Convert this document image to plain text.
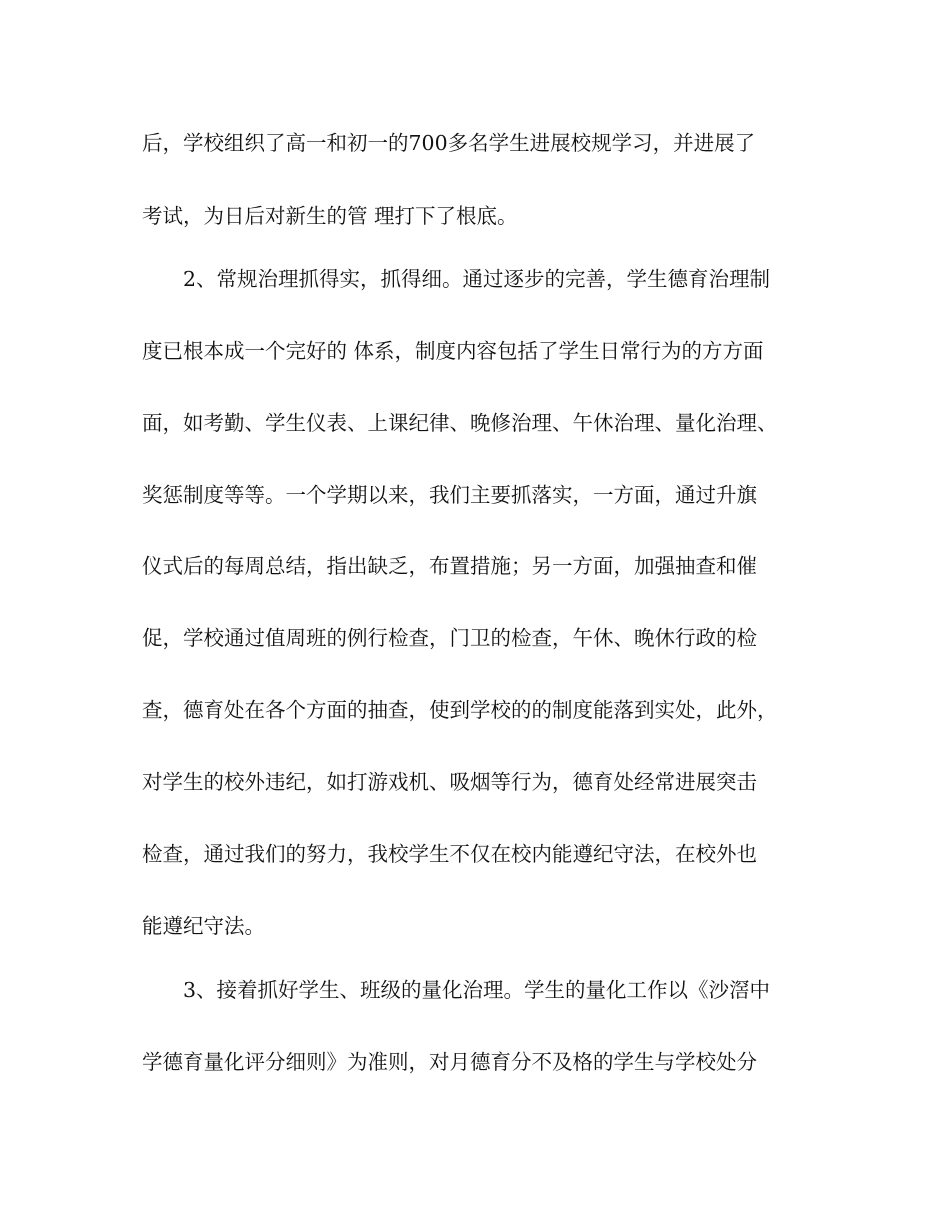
后，学校组织了高一和初一的700多名学生进展校规学习，并进展了
考试，为日后对新生的管 理打下了根底。
2、常规治理抓得实，抓得细。通过逐步的完善，学生德育治理制
度已根本成一个完好的 体系，制度内容包括了学生日常行为的方方面
面，如考勤、学生仪表、上课纪律、晚修治理、午休治理、量化治理、
奖惩制度等等。一个学期以来，我们主要抓落实，一方面，通过升旗
仪式后的每周总结，指出缺乏，布置措施；另一方面，加强抽查和催
促，学校通过值周班的例行检查，门卫的检查，午休、晚休行政的检
查，德育处在各个方面的抽查，使到学校的的制度能落到实处，此外，
对学生的校外违纪，如打游戏机、吸烟等行为，德育处经常进展突击
检查，通过我们的努力，我校学生不仅在校内能遵纪守法，在校外也
能遵纪守法。
3、接着抓好学生、班级的量化治理。学生的量化工作以《沙滘中
学德育量化评分细则》为准则，对月德育分不及格的学生与学校处分
